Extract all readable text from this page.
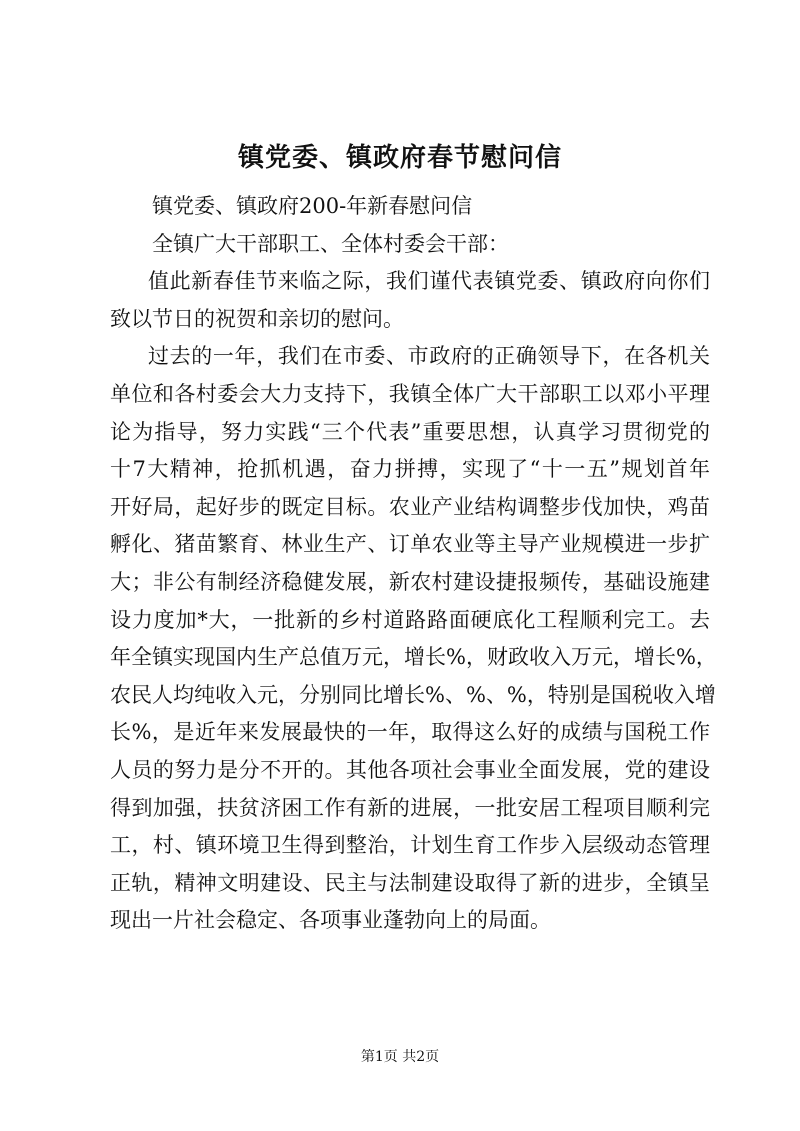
镇党委、镇政府春节慰问信

镇党委、镇政府200-年新春慰问信

全镇广大干部职工、全体村委会干部：

值此新春佳节来临之际，我们谨代表镇党委、镇政府向你们
致以节日的祝贺和亲切的慰问。
过去的一年，我们在市委、市政府的正确领导下，在各机关
单位和各村委会大力支持下，我镇全体广大干部职工以邓小平理
论为指导，努力实践“三个代表”重要思想，认真学习贯彻党的
十7大精神，抢抓机遇，奋力拼搏，实现了“十一五”规划首年
开好局，起好步的既定目标。农业产业结构调整步伐加快，鸡苗
孵化、猪苗繁育、林业生产、订单农业等主导产业规模进一步扩
大；非公有制经济稳健发展，新农村建设捷报频传，基础设施建
设力度加*大，一批新的乡村道路路面硬底化工程顺利完工。去
年全镇实现国内生产总值万元，增长%，财政收入万元，增长%，
农民人均纯收入元，分别同比增长%、%、%，特别是国税收入增
长%，是近年来发展最快的一年，取得这么好的成绩与国税工作
人员的努力是分不开的。其他各项社会事业全面发展，党的建设
得到加强，扶贫济困工作有新的进展，一批安居工程项目顺利完
工，村、镇环境卫生得到整治，计划生育工作步入层级动态管理
正轨，精神文明建设、民主与法制建设取得了新的进步，全镇呈
现出一片社会稳定、各项事业蓬勃向上的局面。
第1页 共2页
